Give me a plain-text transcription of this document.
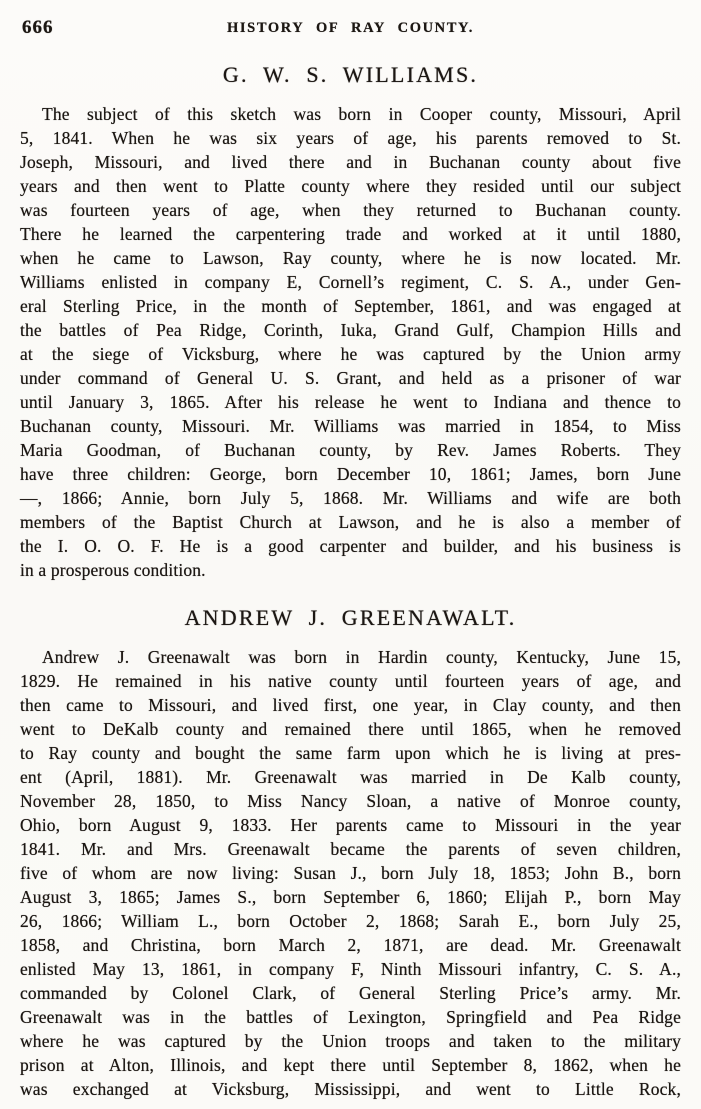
666	HISTORY OF RAY COUNTY.
G. W. S. WILLIAMS.
The subject of this sketch was born in Cooper county, Missouri, April
5, 1841. When he was six years of age, his parents removed to St.
Joseph, Missouri, and lived there and in Buchanan county about five
years and then went to Platte county where they resided until our subject
was fourteen years of age, when they returned to Buchanan county.
There he learned the carpentering trade and worked at it until 1880,
when he came to Lawson, Ray county, where he is now located. Mr.
Williams enlisted in company E, Cornell’s regiment, C. S. A., under Gen-
eral Sterling Price, in the month of September, 1861, and was engaged at
the battles of Pea Ridge, Corinth, Iuka, Grand Gulf, Champion Hills and
at the siege of Vicksburg, where he was captured by the Union army
under command of General U. S. Grant, and held as a prisoner of war
until January 3, 1865. After his release he went to Indiana and thence to
Buchanan county, Missouri. Mr. Williams was married in 1854, to Miss
Maria Goodman, of Buchanan county, by Rev. James Roberts. They
have three children: George, born December 10, 1861; James, born June
—, 1866; Annie, born July 5, 1868. Mr. Williams and wife are both
members of the Baptist Church at Lawson, and he is also a member of
the I. O. O. F. He is a good carpenter and builder, and his business is
in a prosperous condition.
ANDREW J. GREENAWALT.
Andrew J. Greenawalt was born in Hardin county, Kentucky, June 15,
1829. He remained in his native county until fourteen years of age, and
then came to Missouri, and lived first, one year, in Clay county, and then
went to DeKalb county and remained there until 1865, when he removed
to Ray county and bought the same farm upon which he is living at pres-
ent (April, 1881). Mr. Greenawalt was married in De Kalb county,
November 28, 1850, to Miss Nancy Sloan, a native of Monroe county,
Ohio, born August 9, 1833. Her parents came to Missouri in the year
1841. Mr. and Mrs. Greenawalt became the parents of seven children,
five of whom are now living: Susan J., born July 18, 1853; John B., born
August 3, 1865; James S., born September 6, 1860; Elijah P., born May
26, 1866; William L., born October 2, 1868; Sarah E., born July 25,
1858, and Christina, born March 2, 1871, are dead. Mr. Greenawalt
enlisted May 13, 1861, in company F, Ninth Missouri infantry, C. S. A.,
commanded by Colonel Clark, of General Sterling Price’s army. Mr.
Greenawalt was in the battles of Lexington, Springfield and Pea Ridge
where he was captured by the Union troops and taken to the military
prison at Alton, Illinois, and kept there until September 8, 1862, when he
was exchanged at Vicksburg, Mississippi, and went to Little Rock,
